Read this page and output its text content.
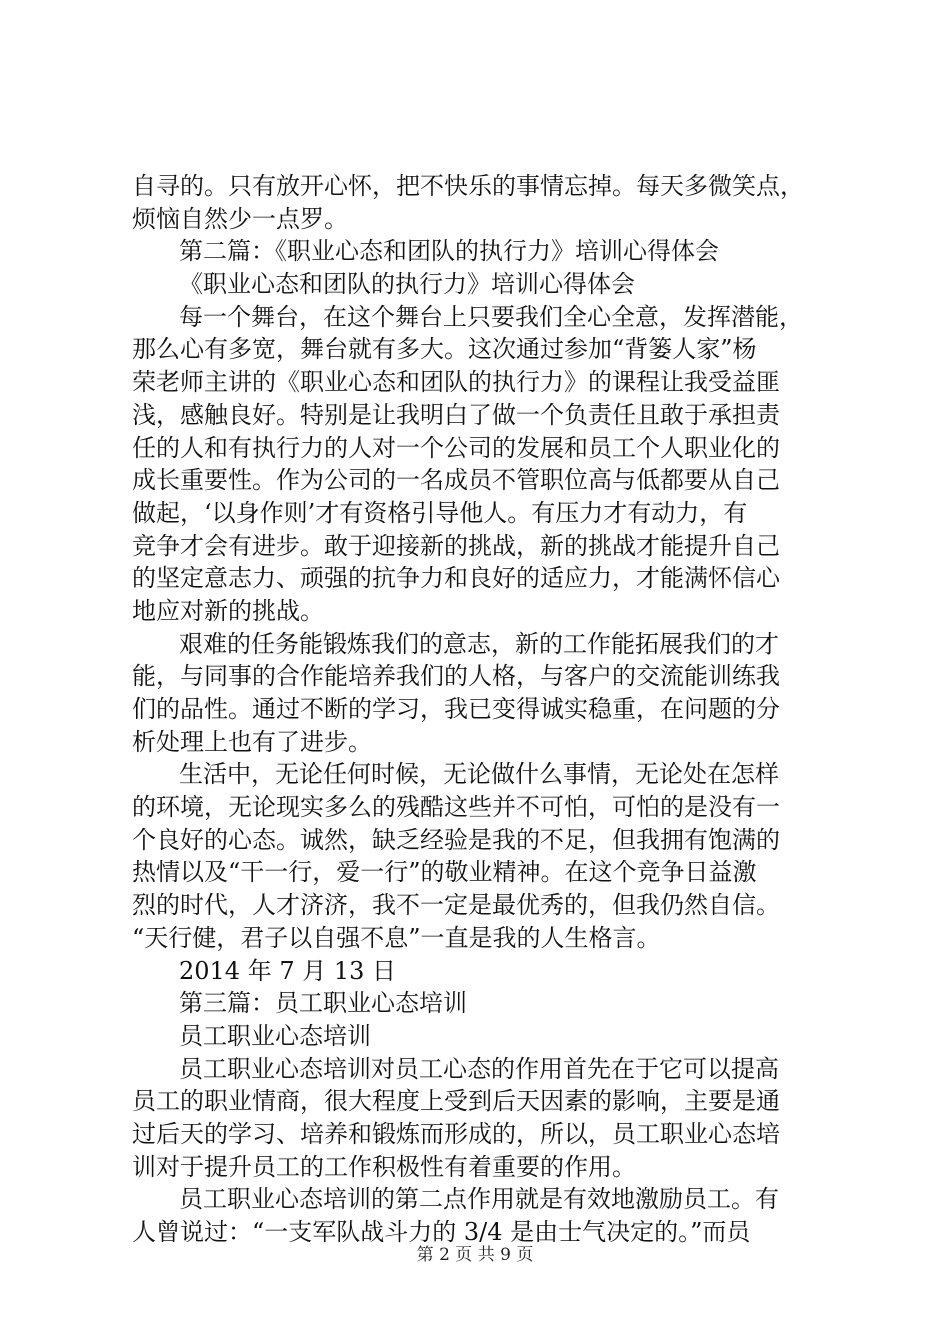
自寻的。只有放开心怀，把不快乐的事情忘掉。每天多微笑点，
烦恼自然少一点罗。
第二篇：《职业心态和团队的执行力》培训心得体会
《职业心态和团队的执行力》培训心得体会
每一个舞台，在这个舞台上只要我们全心全意，发挥潜能，
那么心有多宽，舞台就有多大。这次通过参加“背篓人家”杨
荣老师主讲的《职业心态和团队的执行力》的课程让我受益匪
浅，感触良好。特别是让我明白了做一个负责任且敢于承担责
任的人和有执行力的人对一个公司的发展和员工个人职业化的
成长重要性。作为公司的一名成员不管职位高与低都要从自己
做起，‘以身作则’才有资格引导他人。有压力才有动力，有
竞争才会有进步。敢于迎接新的挑战，新的挑战才能提升自己
的坚定意志力、顽强的抗争力和良好的适应力，才能满怀信心
地应对新的挑战。
艰难的任务能锻炼我们的意志，新的工作能拓展我们的才
能，与同事的合作能培养我们的人格，与客户的交流能训练我
们的品性。通过不断的学习，我已变得诚实稳重，在问题的分
析处理上也有了进步。
生活中，无论任何时候，无论做什么事情，无论处在怎样
的环境，无论现实多么的残酷这些并不可怕，可怕的是没有一
个良好的心态。诚然，缺乏经验是我的不足，但我拥有饱满的
热情以及“干一行，爱一行”的敬业精神。在这个竞争日益激
烈的时代，人才济济，我不一定是最优秀的，但我仍然自信。
“天行健，君子以自强不息”一直是我的人生格言。
2014 年 7 月 13 日
第三篇：员工职业心态培训
员工职业心态培训
员工职业心态培训对员工心态的作用首先在于它可以提高
员工的职业情商，很大程度上受到后天因素的影响，主要是通
过后天的学习、培养和锻炼而形成的，所以，员工职业心态培
训对于提升员工的工作积极性有着重要的作用。
员工职业心态培训的第二点作用就是有效地激励员工。有
人曾说过：“一支军队战斗力的 3/4 是由士气决定的。”而员
第 2 页 共 9 页
